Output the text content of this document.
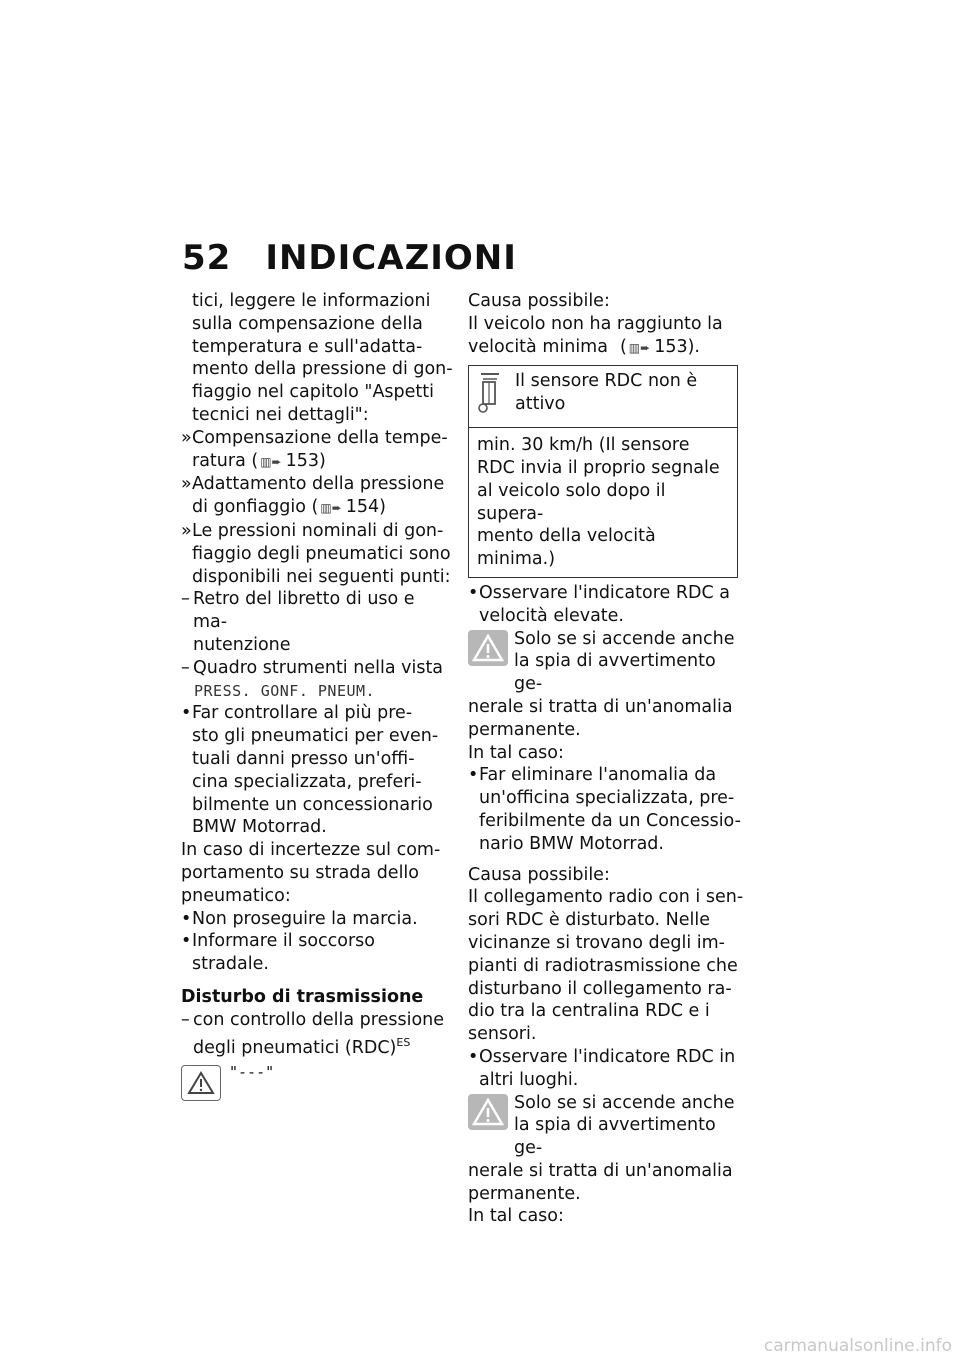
52 INDICAZIONI
tici, leggere le informazioni
sulla compensazione della
temperatura e sull'adatta-
mento della pressione di gon-
fiaggio nel capitolo "Aspetti
tecnici nei dettagli":
» Compensazione della tempe-
ratura ( ▥➨ 153)
» Adattamento della pressione
di gonfiaggio ( ▥➨ 154)
» Le pressioni nominali di gon-
fiaggio degli pneumatici sono
disponibili nei seguenti punti:
– Retro del libretto di uso e ma-
nutenzione
– Quadro strumenti nella vista
PRESS. GONF. PNEUM.
• Far controllare al più pre-
sto gli pneumatici per even-
tuali danni presso un'offi-
cina specializzata, preferi-
bilmente un concessionario
BMW Motorrad.
In caso di incertezze sul com-
portamento su strada dello
pneumatico:
• Non proseguire la marcia.
• Informare il soccorso stradale.
Disturbo di trasmissione
– con controllo della pressione
degli pneumatici (RDC)$^{ES}$
"---"
Causa possibile:
Il veicolo non ha raggiunto la
velocità minima ( ▥➨ 153).
Il sensore RDC non è
attivo
min. 30 km/h (Il sensore
RDC invia il proprio segnale
al veicolo solo dopo il supera-
mento della velocità minima.)
• Osservare l'indicatore RDC a
velocità elevate.
Solo se si accende anche
la spia di avvertimento ge-
nerale si tratta di un'anomalia
permanente.
In tal caso:
• Far eliminare l'anomalia da
un'officina specializzata, pre-
feribilmente da un Concessio-
nario BMW Motorrad.
Causa possibile:
Il collegamento radio con i sen-
sori RDC è disturbato. Nelle
vicinanze si trovano degli im-
pianti di radiotrasmissione che
disturbano il collegamento ra-
dio tra la centralina RDC e i
sensori.
• Osservare l'indicatore RDC in
altri luoghi.
Solo se si accende anche
la spia di avvertimento ge-
nerale si tratta di un'anomalia
permanente.
In tal caso:
carmanualsonline.info
